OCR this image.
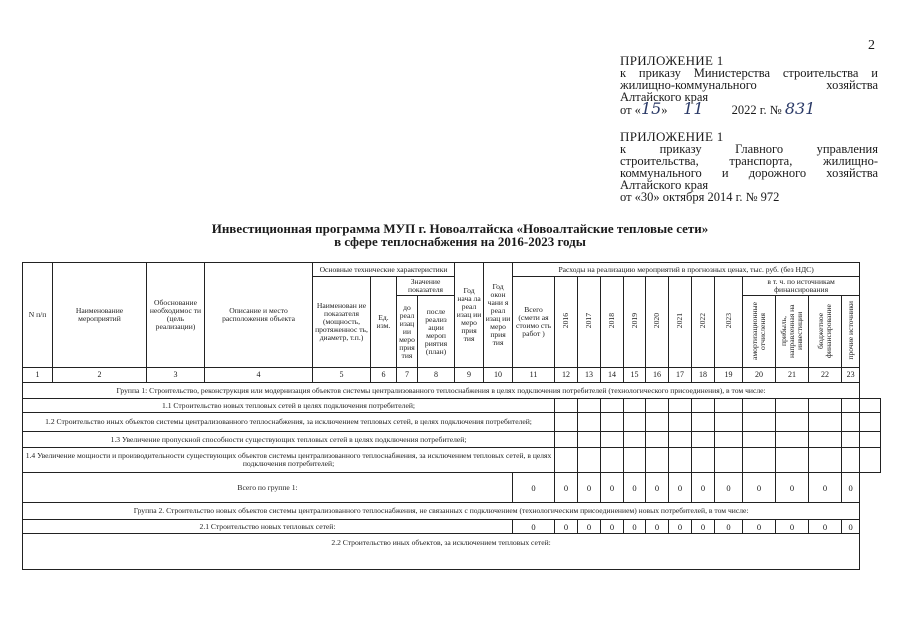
2
ПРИЛОЖЕНИЕ 1
к приказу Министерства строительства и
жилищно-коммунального хозяйства
Алтайского края
от «15» 11 2022 г. № 831
ПРИЛОЖЕНИЕ 1
к приказу Главного управления
строительства, транспорта, жилищно-
коммунального и дорожного хозяйства
Алтайского края
от «30» октября 2014 г. № 972
Инвестиционная программа МУП г. Новоалтайска «Новоалтайские тепловые сети»
в сфере теплоснабжения на 2016-2023 годы
N п/п	Наименование мероприятий	Обоснование необходимос ти (цель реализации)	Описание и место расположения объекта	Основные технические характеристики				Год нача ла реал изац ии меро прия тия	Год окон чани я реал изац ии меро прия тия	Расходы на реализацию мероприятий в прогнозных ценах, тыс. руб. (без НДС)													
				Наименован ие показателя (мощность, протяженнос ть, диаметр, т.п.)	Ед. изм.	Значение показателя				Всего (смети ая стоимо сть работ )	2016	2017	2018	2019	2020	2021	2022	2023	в т. ч. по источникам финансирования				
						до реал изац ии меро прия тия	после реализ ации мероп риятия (план)												амортизационные отчисления	прибыль, направленная на инвестиции	бюджетное финансирование	прочие источники	
1	2	3	4	5	6	7	8	9	10	11	12	13	14	15	16	17	18	19	20	21	22	23	
Группа 1: Строительство, реконструкция или модернизация объектов системы централизованного теплоснабжения в целях подключения потребителей (технологического присоединения), в том числе:																							
1.1 Строительство новых тепловых сетей в целях подключения потребителей;																							
1.2 Строительство иных объектов системы централизованного теплоснабжения, за исключением тепловых сетей, в целях подключения потребителей;																							
1.3 Увеличение пропускной способности существующих тепловых сетей в целях подключения потребителей;																							
1.4 Увеличение мощности и производительности существующих объектов системы централизованного теплоснабжения, за исключением тепловых сетей, в целях подключения потребителей;																							
Всего по группе 1:										0	0	0	0	0	0	0	0	0	0	0	0	0	
Группа 2. Строительство новых объектов системы централизованного теплоснабжения, не связанных с подключением (технологическим присоединением) новых потребителей, в том числе:																							
2.1 Строительство новых тепловых сетей:										0	0	0	0	0	0	0	0	0	0	0	0	0	
2.2 Строительство иных объектов, за исключением тепловых сетей:																							
